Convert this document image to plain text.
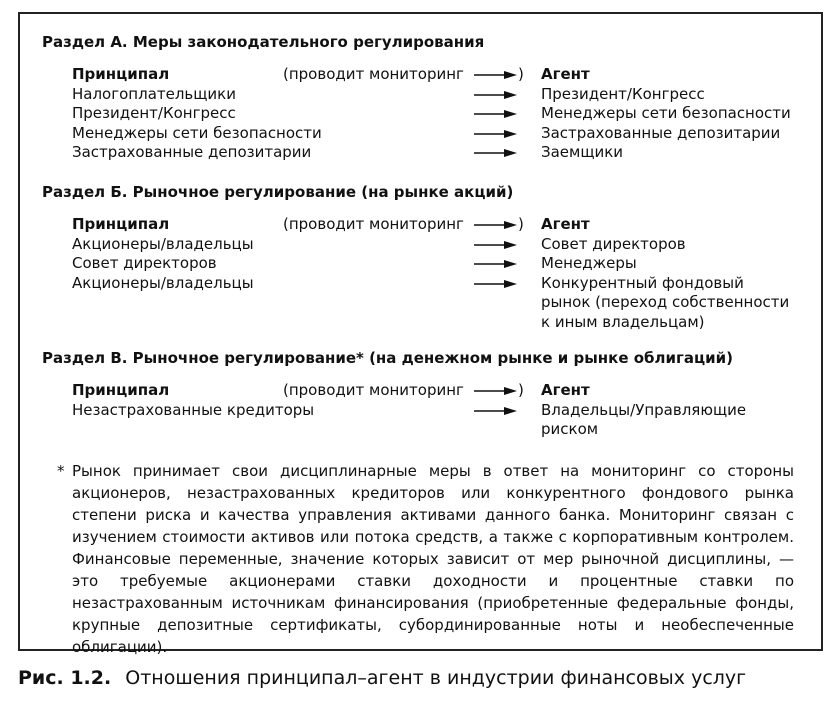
Раздел А. Меры законодательного регулирования
Принципал	(проводит мониторинг	) Агент
Налогоплательщики	Президент/Конгресс
Президент/Конгресс	Менеджеры сети безопасности
Менеджеры сети безопасности	Застрахованные депозитарии
Застрахованные депозитарии	Заемщики
Раздел Б. Рыночное регулирование (на рынке акций)
Принципал	(проводит мониторинг	) Агент
Акционеры/владельцы	Совет директоров
Совет директоров	Менеджеры
Акционеры/владельцы	Конкурентный фондовый
рынок (переход собственности
к иным владельцам)
Раздел В. Рыночное регулирование* (на денежном рынке и рынке облигаций)
Принципал	(проводит мониторинг	) Агент
Незастрахованные кредиторы	Владельцы/Управляющие
риском
* Рынок принимает свои дисциплинарные меры в ответ на мониторинг со стороны акционеров, незастрахованных кредиторов или конкурентного фондового рынка степени риска и качества управления активами данного банка. Мониторинг связан с изучением стоимости активов или потока средств, а также с корпоративным контролем. Финансовые переменные, значение которых зависит от мер рыночной дисциплины, — это требуемые акционерами ставки доходности и процентные ставки по незастрахованным источникам финансирования (приобретенные федеральные фонды, крупные депозитные сертификаты, субординированные ноты и необеспеченные облигации).
Рис. 1.2. Отношения принципал–агент в индустрии финансовых услуг
